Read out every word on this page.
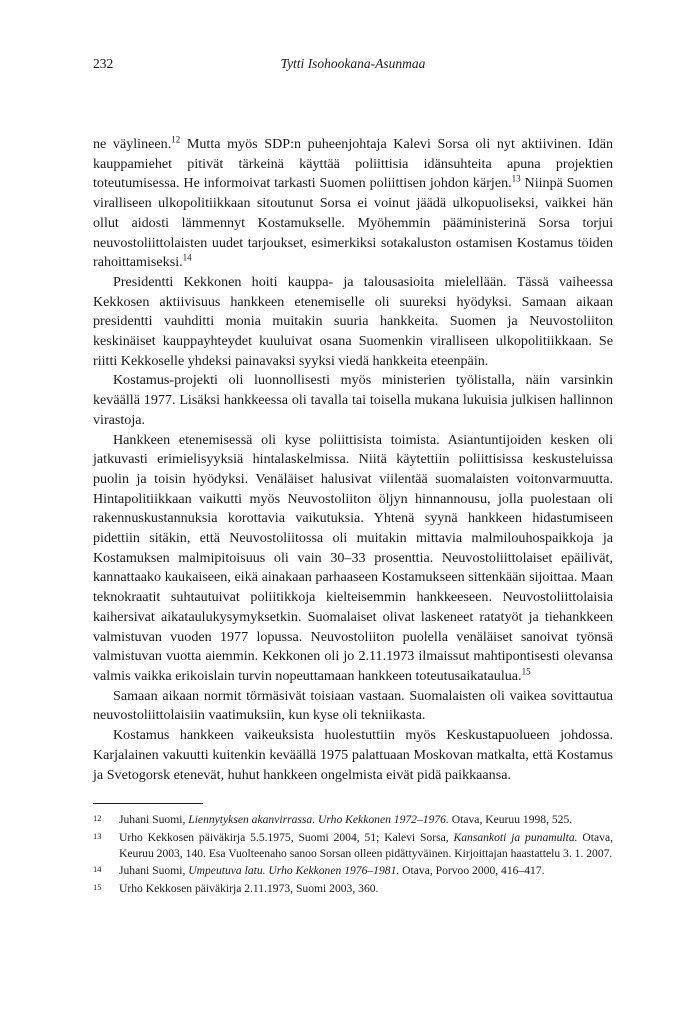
232	Tytti Isohookana-Asunmaa

ne väylineen.$^{12}$ Mutta myös SDP:n puheenjohtaja Kalevi Sorsa oli nyt aktiivinen. Idän kauppamiehet pitivät tärkeinä käyttää poliittisia idänsuhteita apuna projektien toteutumisessa. He informoivat tarkasti Suomen poliittisen johdon kärjen.$^{13}$ Niinpä Suomen viralliseen ulkopolitiikkaan sitoutunut Sorsa ei voinut jäädä ulkopuoliseksi, vaikkei hän ollut aidosti lämmennyt Kostamukselle. Myöhemmin pääministerinä Sorsa torjui neuvostoliittolaisten uudet tarjoukset, esimerkiksi sotakaluston ostamisen Kostamus töiden rahoittamiseksi.$^{14}$

Presidentti Kekkonen hoiti kauppa- ja talousasioita mielellään. Tässä vaiheessa Kekkosen aktiivisuus hankkeen etenemiselle oli suureksi hyödyksi. Samaan aikaan presidentti vauhditti monia muitakin suuria hankkeita. Suomen ja Neuvostoliiton keskinäiset kauppayhteydet kuuluivat osana Suomenkin viralliseen ulkopolitiikkaan. Se riitti Kekkoselle yhdeksi painavaksi syyksi viedä hankkeita eteenpäin.

Kostamus-projekti oli luonnollisesti myös ministerien työlistalla, näin varsinkin keväällä 1977. Lisäksi hankkeessa oli tavalla tai toisella mukana lukuisia julkisen hallinnon virastoja.

Hankkeen etenemisessä oli kyse poliittisista toimista. Asiantuntijoiden kesken oli jatkuvasti erimielisyyksiä hintalaskelmissa. Niitä käytettiin poliittisissa keskusteluissa puolin ja toisin hyödyksi. Venäläiset halusivat viilentää suomalaisten voitonvarmuutta. Hintapolitiikkaan vaikutti myös Neuvostoliiton öljyn hinnannousu, jolla puolestaan oli rakennuskustannuksia korottavia vaikutuksia. Yhtenä syynä hankkeen hidastumiseen pidettiin sitäkin, että Neuvostoliitossa oli muitakin mittavia malmilouhospaikkoja ja Kostamuksen malmipitoisuus oli vain 30–33 prosenttia. Neuvostoliittolaiset epäilivät, kannattaako kaukaiseen, eikä ainakaan parhaaseen Kostamukseen sittenkään sijoittaa. Maan teknokraatit suhtautuivat poliitikkoja kielteisemmin hankkeeseen. Neuvostoliittolaisia kaihersivat aikataulukysymyksetkin. Suomalaiset olivat laskeneet ratatyöt ja tiehankkeen valmistuvan vuoden 1977 lopussa. Neuvostoliiton puolella venäläiset sanoivat työnsä valmistuvan vuotta aiemmin. Kekkonen oli jo 2.11.1973 ilmaissut mahtipontisesti olevansa valmis vaikka erikoislain turvin nopeuttamaan hankkeen toteutusaikataulua.$^{15}$

Samaan aikaan normit törmäsivät toisiaan vastaan. Suomalaisten oli vaikea sovittautua neuvostoliittolaisiin vaatimuksiin, kun kyse oli tekniikasta.

Kostamus hankkeen vaikeuksista huolestuttiin myös Keskustapuolueen johdossa. Karjalainen vakuutti kuitenkin keväällä 1975 palattuaan Moskovan matkalta, että Kostamus ja Svetogorsk etenevät, huhut hankkeen ongelmista eivät pidä paikkaansa.

12 Juhani Suomi, Liennytyksen akanvirrassa. Urho Kekkonen 1972–1976. Otava, Keuruu 1998, 525.
13 Urho Kekkosen päiväkirja 5.5.1975, Suomi 2004, 51; Kalevi Sorsa, Kansankoti ja punamulta. Otava, Keuruu 2003, 140. Esa Vuolteenaho sanoo Sorsan olleen pidättyväinen. Kirjoittajan haastattelu 3. 1. 2007.
14 Juhani Suomi, Umpeutuva latu. Urho Kekkonen 1976–1981. Otava, Porvoo 2000, 416–417.
15 Urho Kekkosen päiväkirja 2.11.1973, Suomi 2003, 360.
